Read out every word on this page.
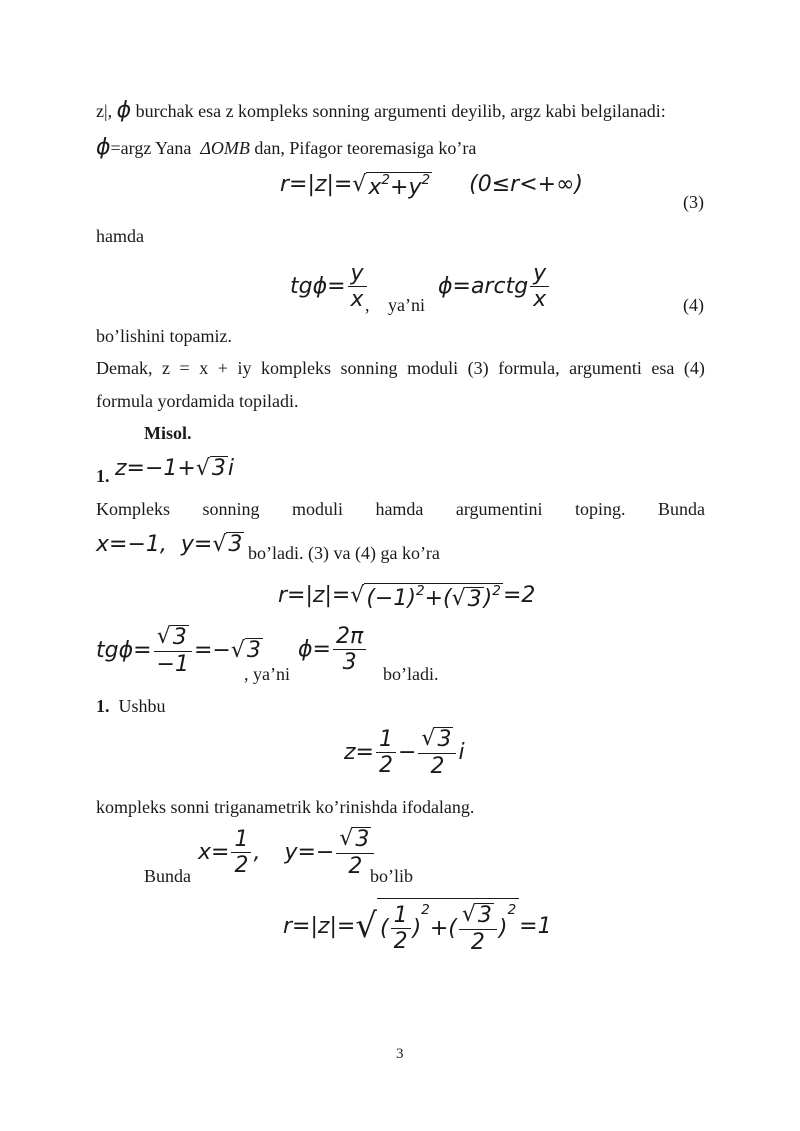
z|, ϕ burchak esa z kompleks sonning argumenti deyilib, argz kabi belgilanadi:
ϕ=argz Yana ΔOMB dan, Pifagor teoremasiga ko’ra
r=|z|= √ $x^2+y^2$ (0≤r<+∞)
(3)
hamda
$tg\phi= \frac{y}{x}$
, ya’ni
ϕ=arctg $\frac{y}{x}$	(4)
bo’lishini topamiz.
Demak, z = x + iy kompleks sonning moduli (3) formula, argumenti esa (4)
formula yordamida topiladi.
Misol.
1. z=−1+ √ 3 i
Kompleks sonning moduli hamda argumentini toping. Bunda
x=−1, y= √ 3 bo’ladi. (3) va (4) ga ko’ra
r=|z|= √ $(-1)^2+$( √ 3 )$^2$ =2
$tg\phi= \frac{√ 3}{-1}$ =− √ 3
, ya’ni
$\phi= \frac{2\pi}{3}$ bo’ladi.
1. Ushbu
$z= \frac{1}{2} - \frac{√ 3}{2}$ i
kompleks sonni triganametrik ko’rinishda ifodalang.
Bunda
$x= \frac{1}{2}$ , $y=- \frac{√ 3}{2}$
bo’lib
r=|z|= √ ( $\frac{1}{2}$ )
2
+( $\frac{√ 3}{2}$ )
2
=1
3
